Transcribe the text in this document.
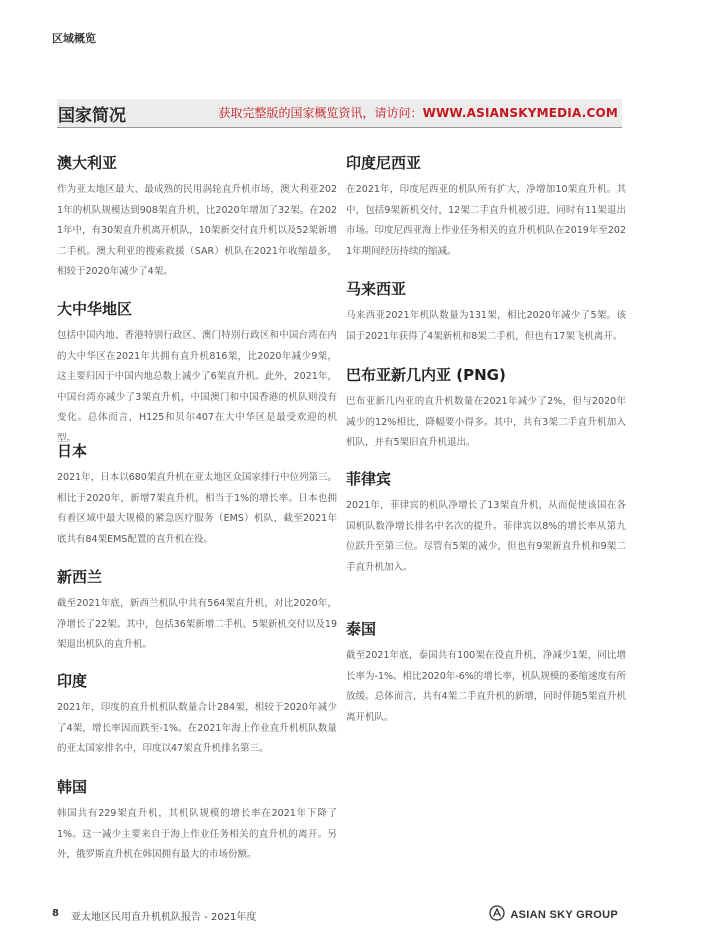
区域概览
国家简况	获取完整版的国家概览资讯，请访问：WWW.ASIANSKYMEDIA.COM
澳大利亚

作为亚太地区最大、最成熟的民用涡轮直升机市场，澳大利亚2021年的机队规模达到908架直升机，比2020年增加了32架。在2021年中，有30架直升机离开机队，10架新交付直升机以及52架新增二手机。澳大利亚的搜索救援（SAR）机队在2021年收缩最多，相较于2020年减少了4架。

大中华地区

包括中国内地、香港特别行政区、澳门特别行政区和中国台湾在内的大中华区在2021年共拥有直升机816架，比2020年减少9架，这主要归因于中国内地总数上减少了6架直升机。此外，2021年，中国台湾亦减少了3架直升机，中国澳门和中国香港的机队则没有变化。总体而言，H125和贝尔407在大中华区是最受欢迎的机型。

日本

2021年，日本以680架直升机在亚太地区众国家排行中位列第三。相比于2020年，新增7架直升机，相当于1%的增长率。日本也拥有着区域中最大规模的紧急医疗服务（EMS）机队，截至2021年底共有84架EMS配置的直升机在役。

新西兰

截至2021年底，新西兰机队中共有564架直升机，对比2020年，净增长了22架。其中，包括36架新增二手机、5架新机交付以及19架退出机队的直升机。

印度

2021年，印度的直升机机队数量合计284架，相较于2020年减少了4架，增长率因而跌至-1%。在2021年海上作业直升机机队数量的亚太国家排名中，印度以47架直升机排名第三。

韩国

韩国共有229架直升机，其机队规模的增长率在2021年下降了1%。这一减少主要来自于海上作业任务相关的直升机的离开。另外，俄罗斯直升机在韩国拥有最大的市场份额。

印度尼西亚

在2021年，印度尼西亚的机队所有扩大，净增加10架直升机。其中，包括9架新机交付，12架二手直升机被引进，同时有11架退出市场。印度尼西亚海上作业任务相关的直升机机队在2019年至2021年期间经历持续的缩减。

马来西亚

马来西亚2021年机队数量为131架，相比2020年减少了5架。该国于2021年获得了4架新机和8架二手机，但也有17架飞机离开。

巴布亚新几内亚 (PNG)

巴布亚新几内亚的直升机数量在2021年减少了2%，但与2020年减少的12%相比，降幅要小得多。其中，共有3架二手直升机加入机队，并有5架旧直升机退出。

菲律宾

2021年，菲律宾的机队净增长了13架直升机，从而促使该国在各国机队数净增长排名中名次的提升。菲律宾以8%的增长率从第九位跃升至第三位。尽管有5架的减少，但也有9架新直升机和9架二手直升机加入。

泰国

截至2021年底，泰国共有100架在役直升机，净减少1架，同比增长率为-1%。相比2020年-6%的增长率，机队规模的萎缩速度有所放缓。总体而言，共有4架二手直升机的新增，同时伴随5架直升机离开机队。

8 亚太地区民用直升机机队报告 - 2021年度	ASIAN SKY GROUP
